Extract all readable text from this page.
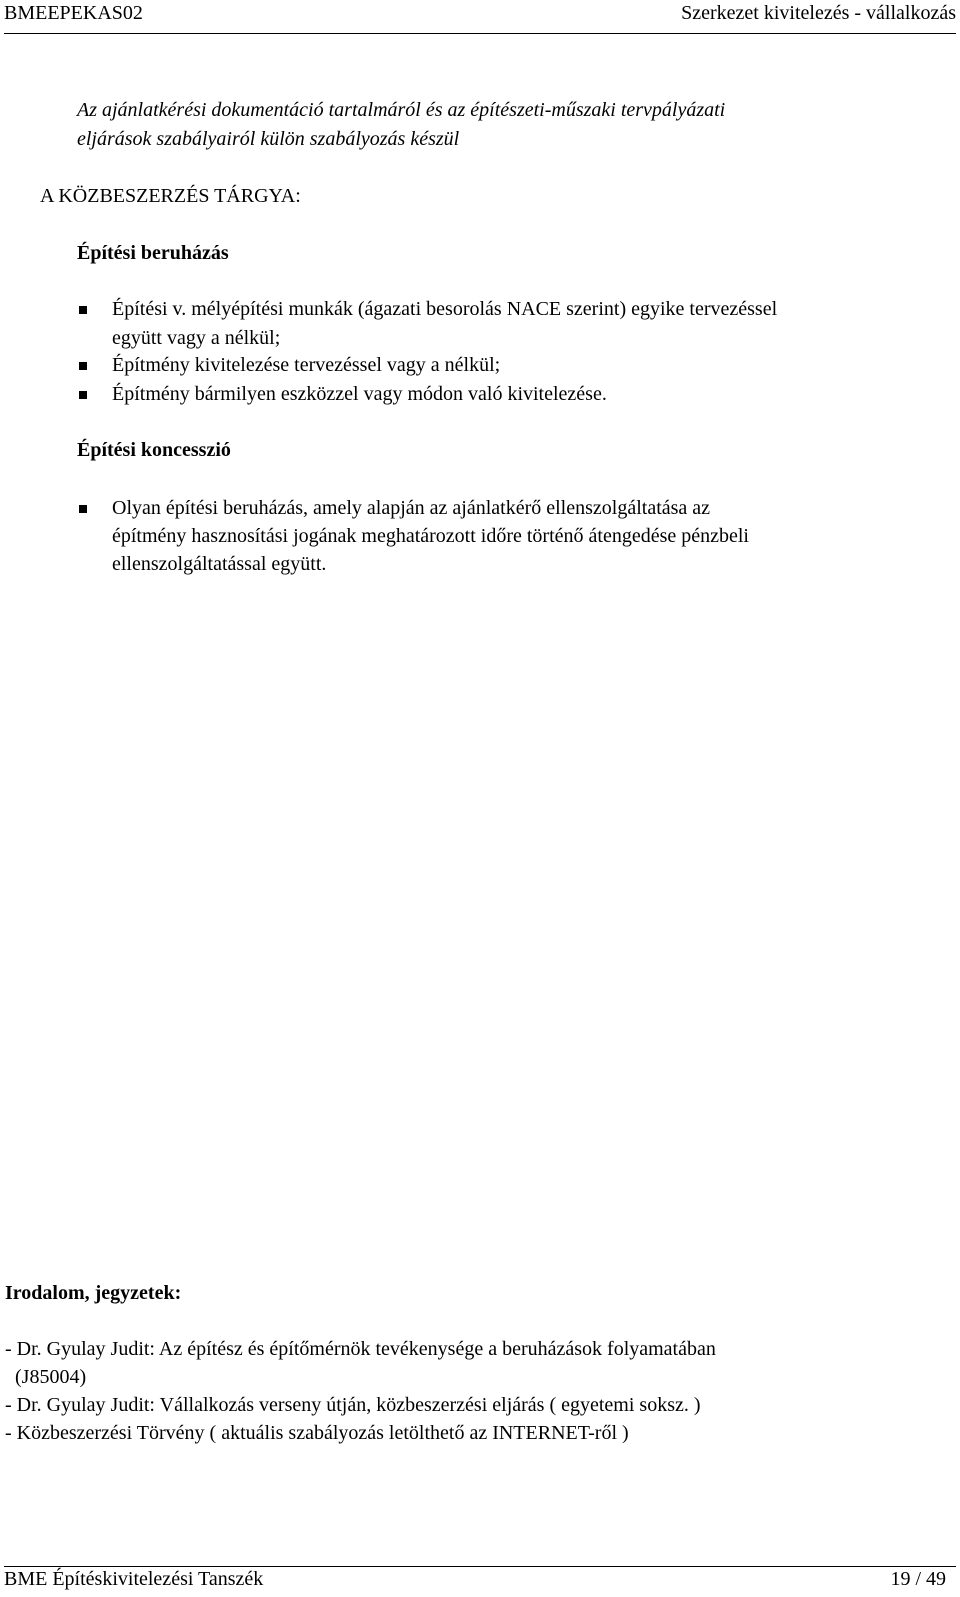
BMEEPEKAS02	Szerkezet kivitelezés - vállalkozás
Az ajánlatkérési dokumentáció tartalmáról és az építészeti-műszaki tervpályázati
eljárások szabályairól külön szabályozás készül
A KÖZBESZERZÉS TÁRGYA:
Építési beruházás
Építési v. mélyépítési munkák (ágazati besorolás NACE szerint) egyike tervezéssel
együtt vagy a nélkül;
Építmény kivitelezése tervezéssel vagy a nélkül;
Építmény bármilyen eszközzel vagy módon való kivitelezése.
Építési koncesszió
Olyan építési beruházás, amely alapján az ajánlatkérő ellenszolgáltatása az
építmény hasznosítási jogának meghatározott időre történő átengedése pénzbeli
ellenszolgáltatással együtt.
Irodalom, jegyzetek:
- Dr. Gyulay Judit: Az építész és építőmérnök tevékenysége a beruházások folyamatában
(J85004)
- Dr. Gyulay Judit: Vállalkozás verseny útján, közbeszerzési eljárás ( egyetemi soksz. )
- Közbeszerzési Törvény ( aktuális szabályozás letölthető az INTERNET-ről )
BME Építéskivitelezési Tanszék	19 / 49
